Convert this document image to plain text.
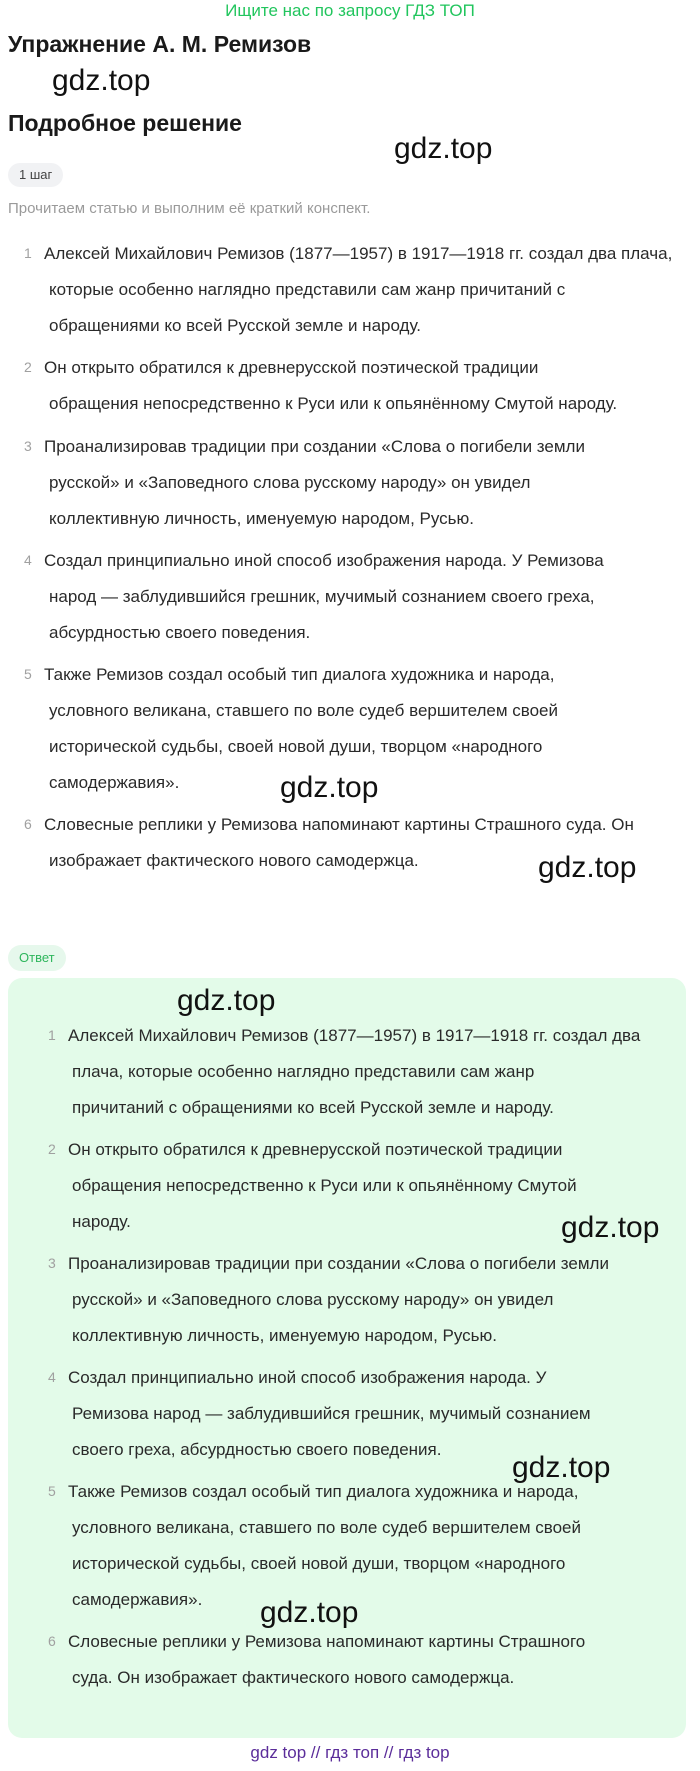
Ищите нас по запросу ГДЗ ТОП
Упражнение А. М. Ремизов
Подробное решение
1 шаг
Прочитаем статью и выполним её краткий конспект.
1 Алексей Михайлович Ремизов (1877—1957) в 1917—1918 гг. создал два плача,
которые особенно наглядно представили сам жанр причитаний с
обращениями ко всей Русской земле и народу.
2 Он открыто обратился к древнерусской поэтической традиции
обращения непосредственно к Руси или к опьянённому Смутой народу.
3 Проанализировав традиции при создании «Слова о погибели земли
русской» и «Заповедного слова русскому народу» он увидел
коллективную личность, именуемую народом, Русью.
4 Создал принципиально иной способ изображения народа. У Ремизова
народ — заблудившийся грешник, мучимый сознанием своего греха,
абсурдностью своего поведения.
5 Также Ремизов создал особый тип диалога художника и народа,
условного великана, ставшего по воле судеб вершителем своей
исторической судьбы, своей новой души, творцом «народного
самодержавия».
6 Словесные реплики у Ремизова напоминают картины Страшного суда. Он
изображает фактического нового самодержца.
Ответ
1 Алексей Михайлович Ремизов (1877—1957) в 1917—1918 гг. создал два
плача, которые особенно наглядно представили сам жанр
причитаний с обращениями ко всей Русской земле и народу.
2 Он открыто обратился к древнерусской поэтической традиции
обращения непосредственно к Руси или к опьянённому Смутой
народу.
3 Проанализировав традиции при создании «Слова о погибели земли
русской» и «Заповедного слова русскому народу» он увидел
коллективную личность, именуемую народом, Русью.
4 Создал принципиально иной способ изображения народа. У
Ремизова народ — заблудившийся грешник, мучимый сознанием
своего греха, абсурдностью своего поведения.
5 Также Ремизов создал особый тип диалога художника и народа,
условного великана, ставшего по воле судеб вершителем своей
исторической судьбы, своей новой души, творцом «народного
самодержавия».
6 Словесные реплики у Ремизова напоминают картины Страшного
суда. Он изображает фактического нового самодержца.
gdz.top
gdz.top
gdz.top
gdz.top
gdz.top
gdz.top
gdz.top
gdz.top
gdz top // гдз топ // гдз top
